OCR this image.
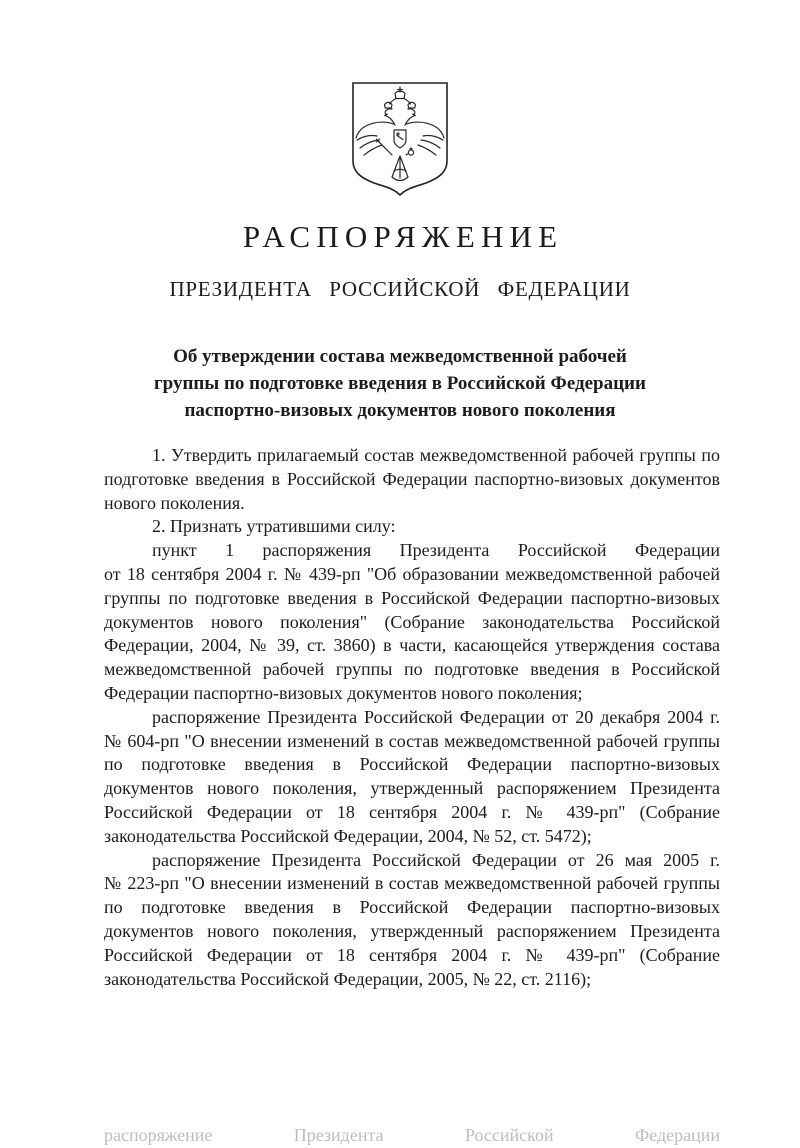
РАСПОРЯЖЕНИЕ
ПРЕЗИДЕНТА РОССИЙСКОЙ ФЕДЕРАЦИИ
Об утверждении состава межведомственной рабочей группы по подготовке введения в Российской Федерации паспортно-визовых документов нового поколения

1. Утвердить прилагаемый состав межведомственной рабочей группы по подготовке введения в Российской Федерации паспортно-визовых документов нового поколения.

2. Признать утратившими силу:

пункт 1 распоряжения Президента Российской Федерации от 18 сентября 2004 г. № 439-рп "Об образовании межведомственной рабочей группы по подготовке введения в Российской Федерации паспортно-визовых документов нового поколения" (Собрание законодательства Российской Федерации, 2004, № 39, ст. 3860) в части, касающейся утверждения состава межведомственной рабочей группы по подготовке введения в Российской Федерации паспортно-визовых документов нового поколения;

распоряжение Президента Российской Федерации от 20 декабря 2004 г. № 604-рп "О внесении изменений в состав межведомственной рабочей группы по подготовке введения в Российской Федерации паспортно-визовых документов нового поколения, утвержденный распоряжением Президента Российской Федерации от 18 сентября 2004 г. № 439-рп" (Собрание законодательства Российской Федерации, 2004, № 52, ст. 5472);

распоряжение Президента Российской Федерации от 26 мая 2005 г. № 223-рп "О внесении изменений в состав межведомственной рабочей группы по подготовке введения в Российской Федерации паспортно-визовых документов нового поколения, утвержденный распоряжением Президента Российской Федерации от 18 сентября 2004 г. № 439-рп" (Собрание законодательства Российской Федерации, 2005, № 22, ст. 2116);

распоряжение Президента Российской Федерации
